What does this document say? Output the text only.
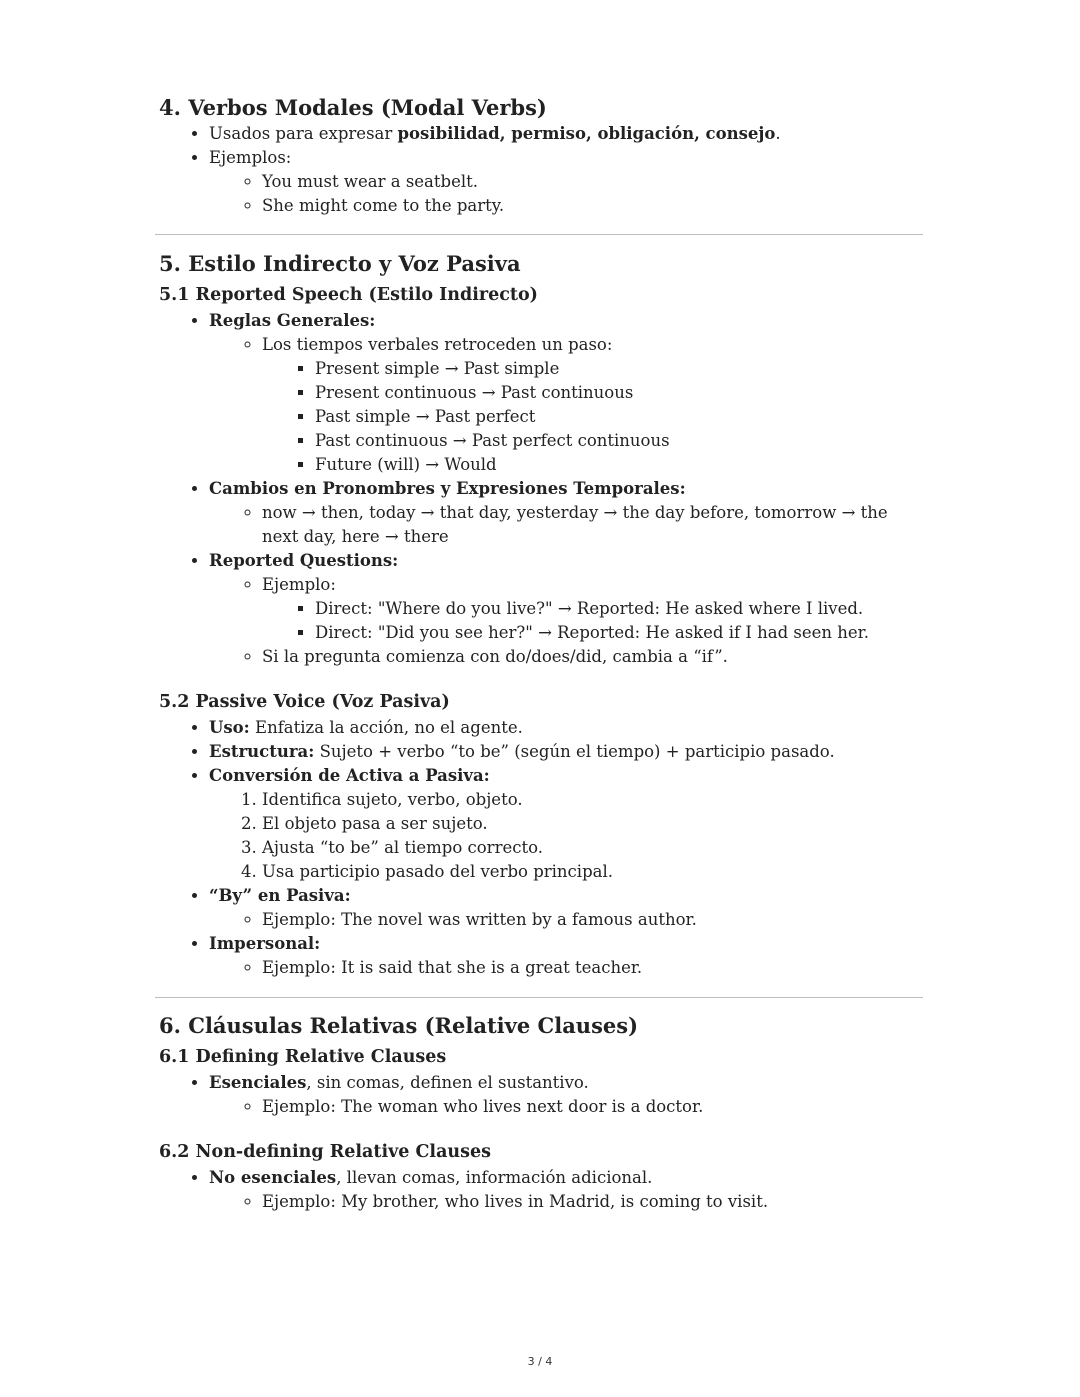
4. Verbos Modales (Modal Verbs)
• Usados para expresar posibilidad, permiso, obligación, consejo.
• Ejemplos:
◦ You must wear a seatbelt.
◦ She might come to the party.
5. Estilo Indirecto y Voz Pasiva
5.1 Reported Speech (Estilo Indirecto)
• Reglas Generales:
◦ Los tiempos verbales retroceden un paso:
▪ Present simple → Past simple
▪ Present continuous → Past continuous
▪ Past simple → Past perfect
▪ Past continuous → Past perfect continuous
▪ Future (will) → Would
• Cambios en Pronombres y Expresiones Temporales:
◦ now → then, today → that day, yesterday → the day before, tomorrow → the next day, here → there
• Reported Questions:
◦ Ejemplo:
▪ Direct: "Where do you live?" → Reported: He asked where I lived.
▪ Direct: "Did you see her?" → Reported: He asked if I had seen her.
◦ Si la pregunta comienza con do/does/did, cambia a “if”.
5.2 Passive Voice (Voz Pasiva)
• Uso: Enfatiza la acción, no el agente.
• Estructura: Sujeto + verbo “to be” (según el tiempo) + participio pasado.
• Conversión de Activa a Pasiva:
1. Identifica sujeto, verbo, objeto.
2. El objeto pasa a ser sujeto.
3. Ajusta “to be” al tiempo correcto.
4. Usa participio pasado del verbo principal.
• “By” en Pasiva:
◦ Ejemplo: The novel was written by a famous author.
• Impersonal:
◦ Ejemplo: It is said that she is a great teacher.
6. Cláusulas Relativas (Relative Clauses)
6.1 Defining Relative Clauses
• Esenciales, sin comas, definen el sustantivo.
◦ Ejemplo: The woman who lives next door is a doctor.
6.2 Non-defining Relative Clauses
• No esenciales, llevan comas, información adicional.
◦ Ejemplo: My brother, who lives in Madrid, is coming to visit.
3 / 4
